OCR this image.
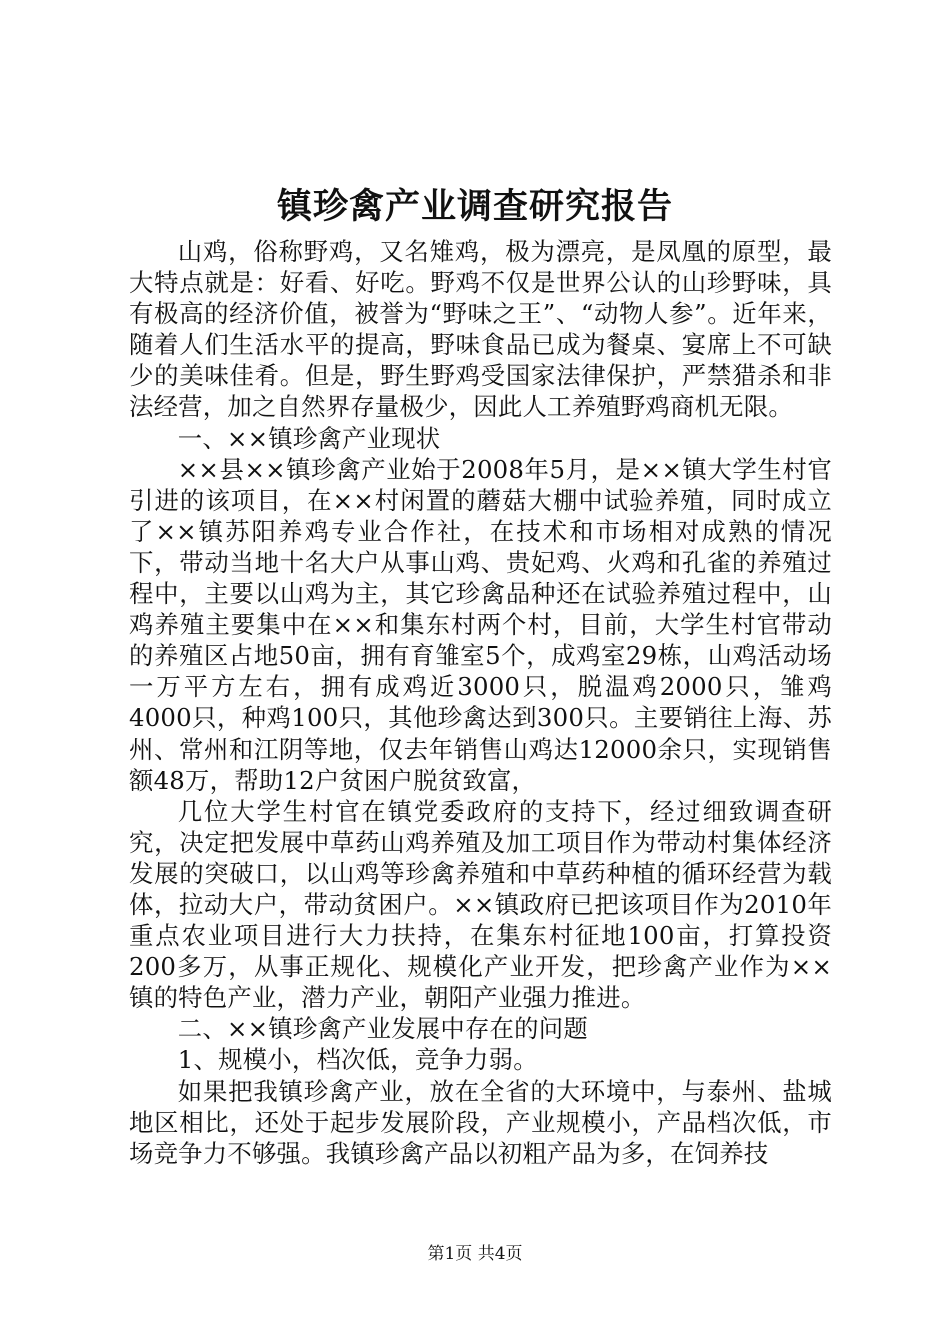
镇珍禽产业调查研究报告

山鸡，俗称野鸡，又名雉鸡，极为漂亮，是凤凰的原型，最大特点就是：好看、好吃。野鸡不仅是世界公认的山珍野味，具有极高的经济价值，被誉为“野味之王”、“动物人参”。近年来，随着人们生活水平的提高，野味食品已成为餐桌、宴席上不可缺少的美味佳肴。但是，野生野鸡受国家法律保护，严禁猎杀和非法经营，加之自然界存量极少，因此人工养殖野鸡商机无限。

一、××镇珍禽产业现状

××县××镇珍禽产业始于2008年5月，是××镇大学生村官引进的该项目，在××村闲置的蘑菇大棚中试验养殖，同时成立了××镇苏阳养鸡专业合作社，在技术和市场相对成熟的情况下，带动当地十名大户从事山鸡、贵妃鸡、火鸡和孔雀的养殖过程中，主要以山鸡为主，其它珍禽品种还在试验养殖过程中，山鸡养殖主要集中在××和集东村两个村，目前，大学生村官带动的养殖区占地50亩，拥有育雏室5个，成鸡室29栋，山鸡活动场一万平方左右，拥有成鸡近3000只，脱温鸡2000只，雏鸡4000只，种鸡100只，其他珍禽达到300只。主要销往上海、苏州、常州和江阴等地，仅去年销售山鸡达12000余只，实现销售额48万，帮助12户贫困户脱贫致富，

几位大学生村官在镇党委政府的支持下，经过细致调查研究，决定把发展中草药山鸡养殖及加工项目作为带动村集体经济发展的突破口，以山鸡等珍禽养殖和中草药种植的循环经营为载体，拉动大户，带动贫困户。××镇政府已把该项目作为2010年重点农业项目进行大力扶持，在集东村征地100亩，打算投资200多万，从事正规化、规模化产业开发，把珍禽产业作为××镇的特色产业，潜力产业，朝阳产业强力推进。

二、××镇珍禽产业发展中存在的问题

1、规模小，档次低，竞争力弱。

如果把我镇珍禽产业，放在全省的大环境中，与泰州、盐城地区相比，还处于起步发展阶段，产业规模小，产品档次低，市场竞争力不够强。我镇珍禽产品以初粗产品为多，在饲养技

第1页 共4页
